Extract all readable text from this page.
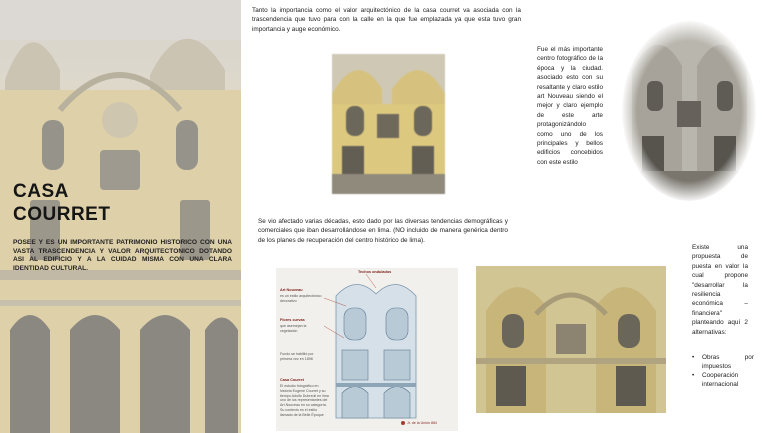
CASA
COURRET

POSEE Y ES UN IMPORTANTE PATRIMONIO HISTORICO CON UNA VASTA TRASCENDENCIA Y VALOR ARQUITECTONICO DOTANDO ASI AL EDIFICIO Y A LA CUIDAD MISMA CON UNA CLARA IDENTIDAD CULTURAL.

Tanto la importancia como el valor arquitectónico de la casa courret va asociada con la trascendencia que tuvo para con la calle en la que fue emplazada ya que esta tuvo gran importancia y auge económico.

Fue el más importante centro fotográfico de la época y la ciudad. asociado esto con su resaltante y claro estilo art Nouveau siendo el mejor y claro ejemplo de este arte protagonizándolo como uno de los principales y bellos edificios concebidos con este estilo

Se vio afectado varias décadas, esto dado por las diversas tendencias demográficas y comerciales que iban desarrollándose en lima. (NO incluido de manera genérica dentro de los planes de recuperación del centro histórico de lima).

Existe una propuesta de puesta en valor la cual propone "desarrollar la resiliencia económica – financiera" planteando aquí 2 alternativas:

• Obras	por
impuestos
• Cooperación
internacional
Techos ondulados
Art Nouveau
es un estilo arquitectónico decorativo
Flores curvas
que asemejan la vegetación
Fundo se habilitó por primera vez en 1898
Casa Courret
El estudio fotográfico en historia Eugene Courret y su tiempo Adolfo Dubreuil en lima uno de los representantes del Art Nouveau en su categoría. Su contexto es el estilo llamado de la Belle Époque
Jr. de la Unión 884
